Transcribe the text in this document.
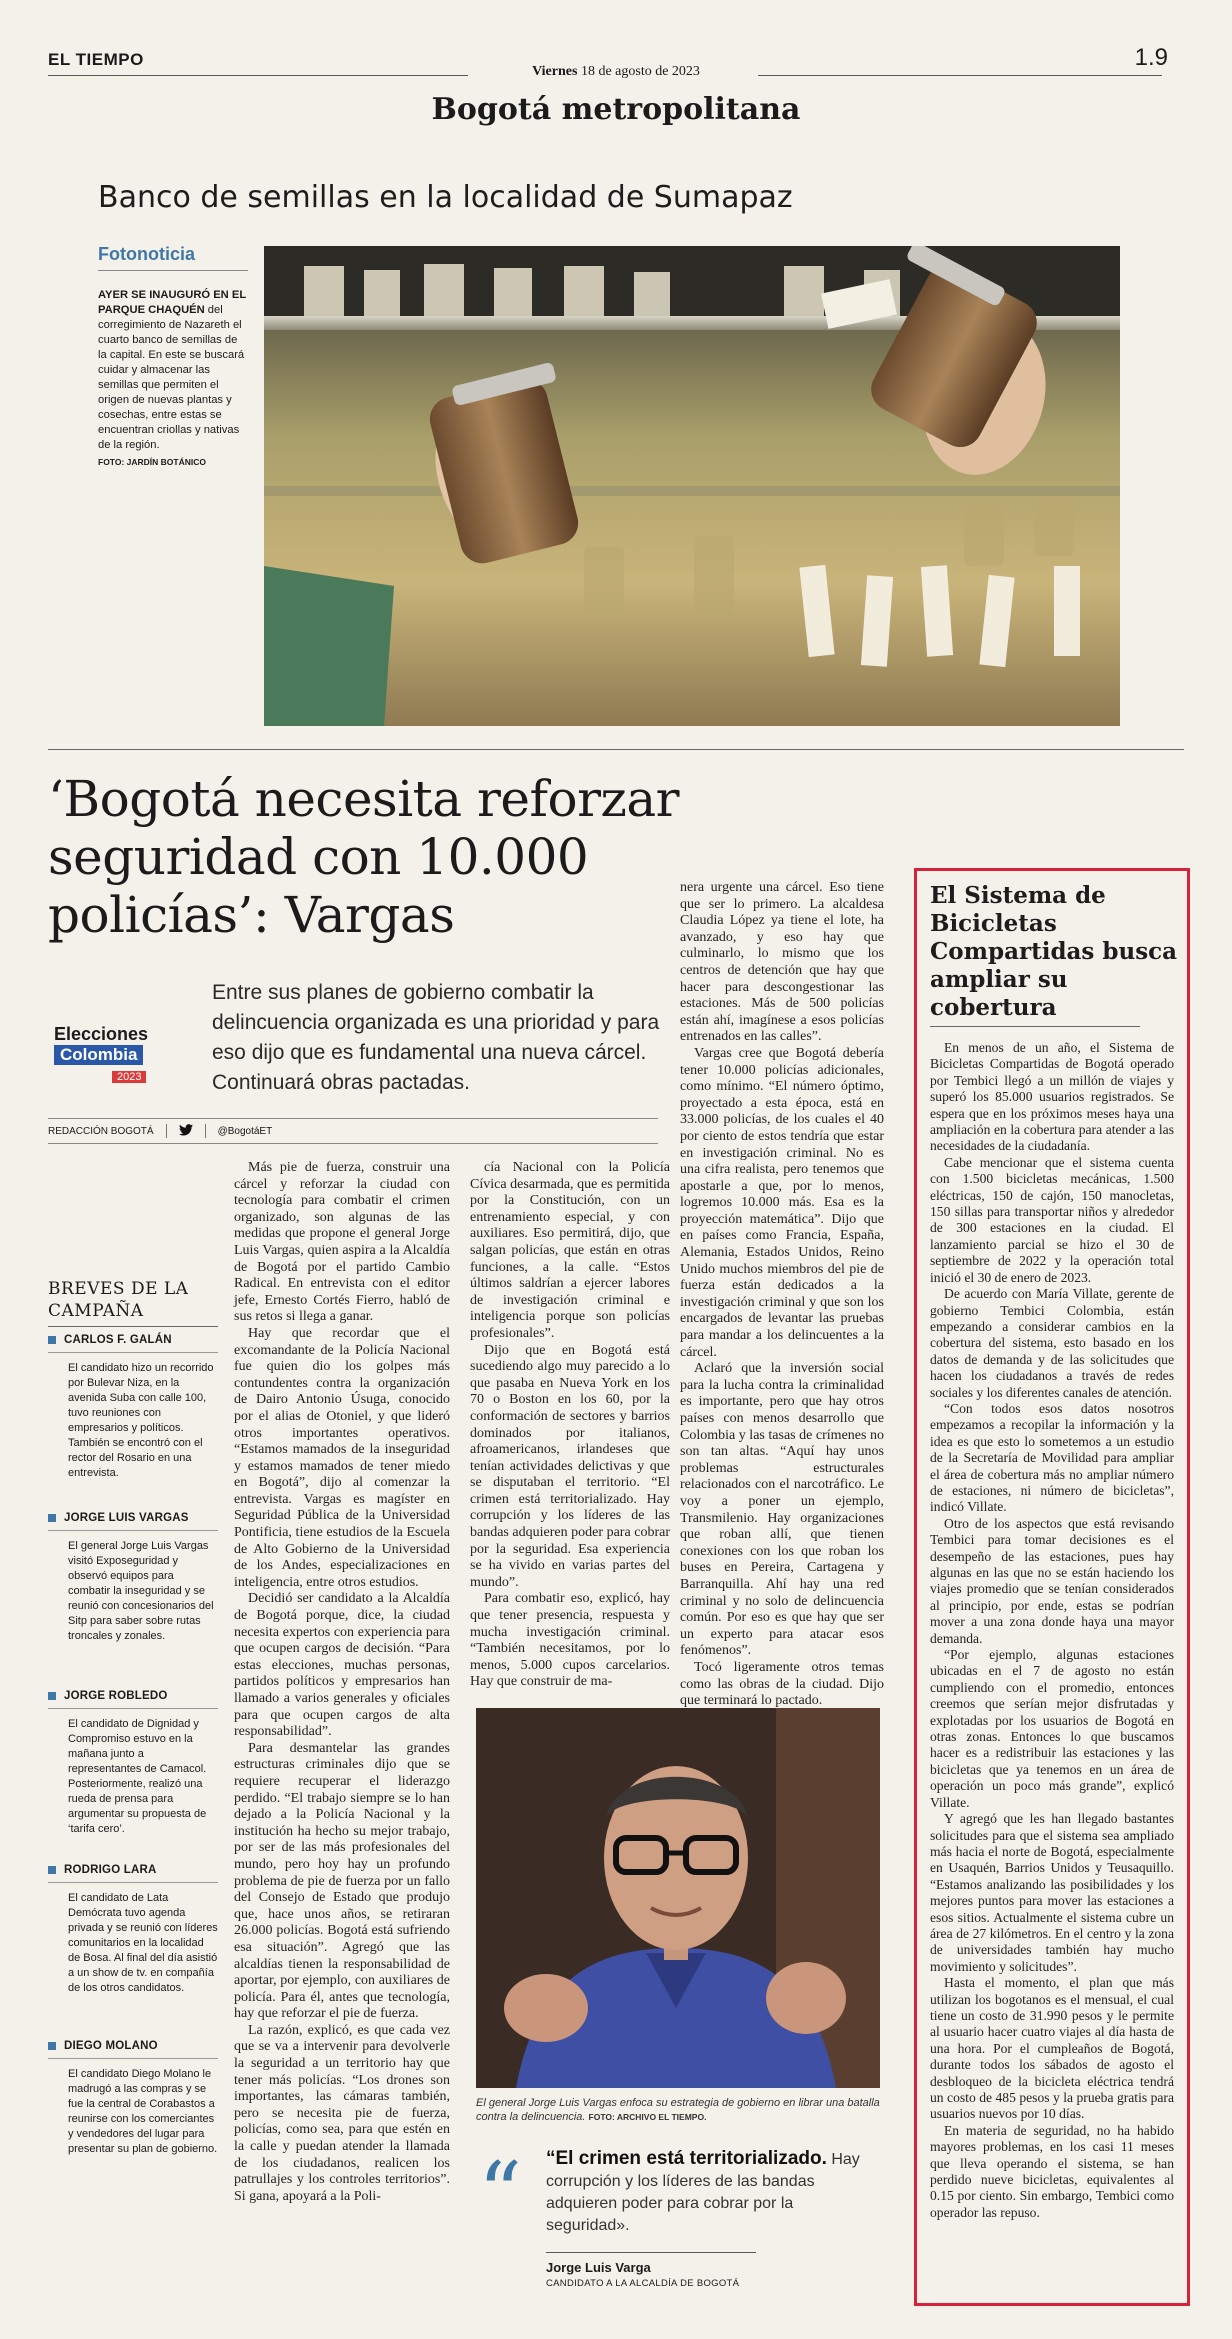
EL TIEMPO
Viernes 18 de agosto de 2023
1.9
Bogotá metropolitana
Banco de semillas en la localidad de Sumapaz
Fotonoticia
AYER SE INAUGURÓ EN EL PARQUE CHAQUÉN del corregimiento de Nazareth el cuarto banco de semillas de la capital. En este se buscará cuidar y almacenar las semillas que permiten el origen de nuevas plantas y cosechas, entre estas se encuentran criollas y nativas de la región.
FOTO: JARDÍN BOTÁNICO
‘Bogotá necesita reforzar seguridad con 10.000 policías’: Vargas
Elecciones
Colombia
2023
Entre sus planes de gobierno combatir la delincuencia organizada es una prioridad y para eso dijo que es fundamental una nueva cárcel. Continuará obras pactadas.
REDACCIÓN BOGOTÁ	@BogotáET
BREVES DE LA CAMPAÑA
CARLOS F. GALÁN
El candidato hizo un recorrido por Bulevar Niza, en la avenida Suba con calle 100, tuvo reuniones con empresarios y políticos. También se encontró con el rector del Rosario en una entrevista.
JORGE LUIS VARGAS
El general Jorge Luis Vargas visitó Exposeguridad y observó equipos para combatir la inseguridad y se reunió con concesionarios del Sitp para saber sobre rutas troncales y zonales.
JORGE ROBLEDO
El candidato de Dignidad y Compromiso estuvo en la mañana junto a representantes de Camacol. Posteriormente, realizó una rueda de prensa para argumentar su propuesta de ‘tarifa cero’.
RODRIGO LARA
El candidato de Lata Demócrata tuvo agenda privada y se reunió con líderes comunitarios en la localidad de Bosa. Al final del día asistió a un show de tv. en compañía de los otros candidatos.
DIEGO MOLANO
El candidato Diego Molano le madrugó a las compras y se fue la central de Corabastos a reunirse con los comerciantes y vendedores del lugar para presentar su plan de gobierno.

Más pie de fuerza, construir una cárcel y reforzar la ciudad con tecnología para combatir el crimen organizado, son algunas de las medidas que propone el general Jorge Luis Vargas, quien aspira a la Alcaldía de Bogotá por el partido Cambio Radical. En entrevista con el editor jefe, Ernesto Cortés Fierro, habló de sus retos si llega a ganar.

Hay que recordar que el excomandante de la Policía Nacional fue quien dio los golpes más contundentes contra la organización de Dairo Antonio Úsuga, conocido por el alias de Otoniel, y que lideró otros importantes operativos. “Estamos mamados de la inseguridad y estamos mamados de tener miedo en Bogotá”, dijo al comenzar la entrevista. Vargas es magíster en Seguridad Pública de la Universidad Pontificia, tiene estudios de la Escuela de Alto Gobierno de la Universidad de los Andes, especializaciones en inteligencia, entre otros estudios.

Decidió ser candidato a la Alcaldía de Bogotá porque, dice, la ciudad necesita expertos con experiencia para que ocupen cargos de decisión. “Para estas elecciones, muchas personas, partidos políticos y empresarios han llamado a varios generales y oficiales para que ocupen cargos de alta responsabilidad”.

Para desmantelar las grandes estructuras criminales dijo que se requiere recuperar el liderazgo perdido. “El trabajo siempre se lo han dejado a la Policía Nacional y la institución ha hecho su mejor trabajo, por ser de las más profesionales del mundo, pero hoy hay un profundo problema de pie de fuerza por un fallo del Consejo de Estado que produjo que, hace unos años, se retiraran 26.000 policías. Bogotá está sufriendo esa situación”. Agregó que las alcaldías tienen la responsabilidad de aportar, por ejemplo, con auxiliares de policía. Para él, antes que tecnología, hay que reforzar el pie de fuerza.

La razón, explicó, es que cada vez que se va a intervenir para devolverle la seguridad a un territorio hay que tener más policías. “Los drones son importantes, las cámaras también, pero se necesita pie de fuerza, policías, como sea, para que estén en la calle y puedan atender la llamada de los ciudadanos, realicen los patrullajes y los controles territorios”. Si gana, apoyará a la Poli-

cía Nacional con la Policía Cívica desarmada, que es permitida por la Constitución, con un entrenamiento especial, y con auxiliares. Eso permitirá, dijo, que salgan policías, que están en otras funciones, a la calle. “Estos últimos saldrían a ejercer labores de investigación criminal e inteligencia porque son policías profesionales”.

Dijo que en Bogotá está sucediendo algo muy parecido a lo que pasaba en Nueva York en los 70 o Boston en los 60, por la conformación de sectores y barrios dominados por italianos, afroamericanos, irlandeses que tenían actividades delictivas y que se disputaban el territorio. “El crimen está territorializado. Hay corrupción y los líderes de las bandas adquieren poder para cobrar por la seguridad. Esa experiencia se ha vivido en varias partes del mundo”.

Para combatir eso, explicó, hay que tener presencia, respuesta y mucha investigación criminal. “También necesitamos, por lo menos, 5.000 cupos carcelarios. Hay que construir de ma-

nera urgente una cárcel. Eso tiene que ser lo primero. La alcaldesa Claudia López ya tiene el lote, ha avanzado, y eso hay que culminarlo, lo mismo que los centros de detención que hay que hacer para descongestionar las estaciones. Más de 500 policías están ahí, imagínese a esos policías entrenados en las calles”.

Vargas cree que Bogotá debería tener 10.000 policías adicionales, como mínimo. “El número óptimo, proyectado a esta época, está en 33.000 policías, de los cuales el 40 por ciento de estos tendría que estar en investigación criminal. No es una cifra realista, pero tenemos que apostarle a que, por lo menos, logremos 10.000 más. Esa es la proyección matemática”. Dijo que en países como Francia, España, Alemania, Estados Unidos, Reino Unido muchos miembros del pie de fuerza están dedicados a la investigación criminal y que son los encargados de levantar las pruebas para mandar a los delincuentes a la cárcel.

Aclaró que la inversión social para la lucha contra la criminalidad es importante, pero que hay otros países con menos desarrollo que Colombia y las tasas de crímenes no son tan altas. “Aquí hay unos problemas estructurales relacionados con el narcotráfico. Le voy a poner un ejemplo, Transmilenio. Hay organizaciones que roban allí, que tienen conexiones con los que roban los buses en Pereira, Cartagena y Barranquilla. Ahí hay una red criminal y no solo de delincuencia común. Por eso es que hay que ser un experto para atacar esos fenómenos”.

Tocó ligeramente otros temas como las obras de la ciudad. Dijo que terminará lo pactado.

El general Jorge Luis Vargas enfoca su estrategia de gobierno en librar una batalla contra la delincuencia. FOTO: ARCHIVO EL TIEMPO.
“ “El crimen está territorializado. Hay corrupción y los líderes de las bandas adquieren poder para cobrar por la seguridad».
Jorge Luis Varga
CANDIDATO A LA ALCALDÍA DE BOGOTÁ
El Sistema de Bicicletas Compartidas busca ampliar su cobertura

En menos de un año, el Sistema de Bicicletas Compartidas de Bogotá operado por Tembici llegó a un millón de viajes y superó los 85.000 usuarios registrados. Se espera que en los próximos meses haya una ampliación en la cobertura para atender a las necesidades de la ciudadanía.

Cabe mencionar que el sistema cuenta con 1.500 bicicletas mecánicas, 1.500 eléctricas, 150 de cajón, 150 manocletas, 150 sillas para transportar niños y alrededor de 300 estaciones en la ciudad. El lanzamiento parcial se hizo el 30 de septiembre de 2022 y la operación total inició el 30 de enero de 2023.

De acuerdo con María Villate, gerente de gobierno Tembici Colombia, están empezando a considerar cambios en la cobertura del sistema, esto basado en los datos de demanda y de las solicitudes que hacen los ciudadanos a través de redes sociales y los diferentes canales de atención.

“Con todos esos datos nosotros empezamos a recopilar la información y la idea es que esto lo sometemos a un estudio de la Secretaría de Movilidad para ampliar el área de cobertura más no ampliar número de estaciones, ni número de bicicletas”, indicó Villate.

Otro de los aspectos que está revisando Tembici para tomar decisiones es el desempeño de las estaciones, pues hay algunas en las que no se están haciendo los viajes promedio que se tenían considerados al principio, por ende, estas se podrían mover a una zona donde haya una mayor demanda.

“Por ejemplo, algunas estaciones ubicadas en el 7 de agosto no están cumpliendo con el promedio, entonces creemos que serían mejor disfrutadas y explotadas por los usuarios de Bogotá en otras zonas. Entonces lo que buscamos hacer es a redistribuir las estaciones y las bicicletas que ya tenemos en un área de operación un poco más grande”, explicó Villate.

Y agregó que les han llegado bastantes solicitudes para que el sistema sea ampliado más hacia el norte de Bogotá, especialmente en Usaquén, Barrios Unidos y Teusaquillo. “Estamos analizando las posibilidades y los mejores puntos para mover las estaciones a esos sitios. Actualmente el sistema cubre un área de 27 kilómetros. En el centro y la zona de universidades también hay mucho movimiento y solicitudes”.

Hasta el momento, el plan que más utilizan los bogotanos es el mensual, el cual tiene un costo de 31.990 pesos y le permite al usuario hacer cuatro viajes al día hasta de una hora. Por el cumpleaños de Bogotá, durante todos los sábados de agosto el desbloqueo de la bicicleta eléctrica tendrá un costo de 485 pesos y la prueba gratis para usuarios nuevos por 10 días.

En materia de seguridad, no ha habido mayores problemas, en los casi 11 meses que lleva operando el sistema, se han perdido nueve bicicletas, equivalentes al 0.15 por ciento. Sin embargo, Tembici como operador las repuso.
